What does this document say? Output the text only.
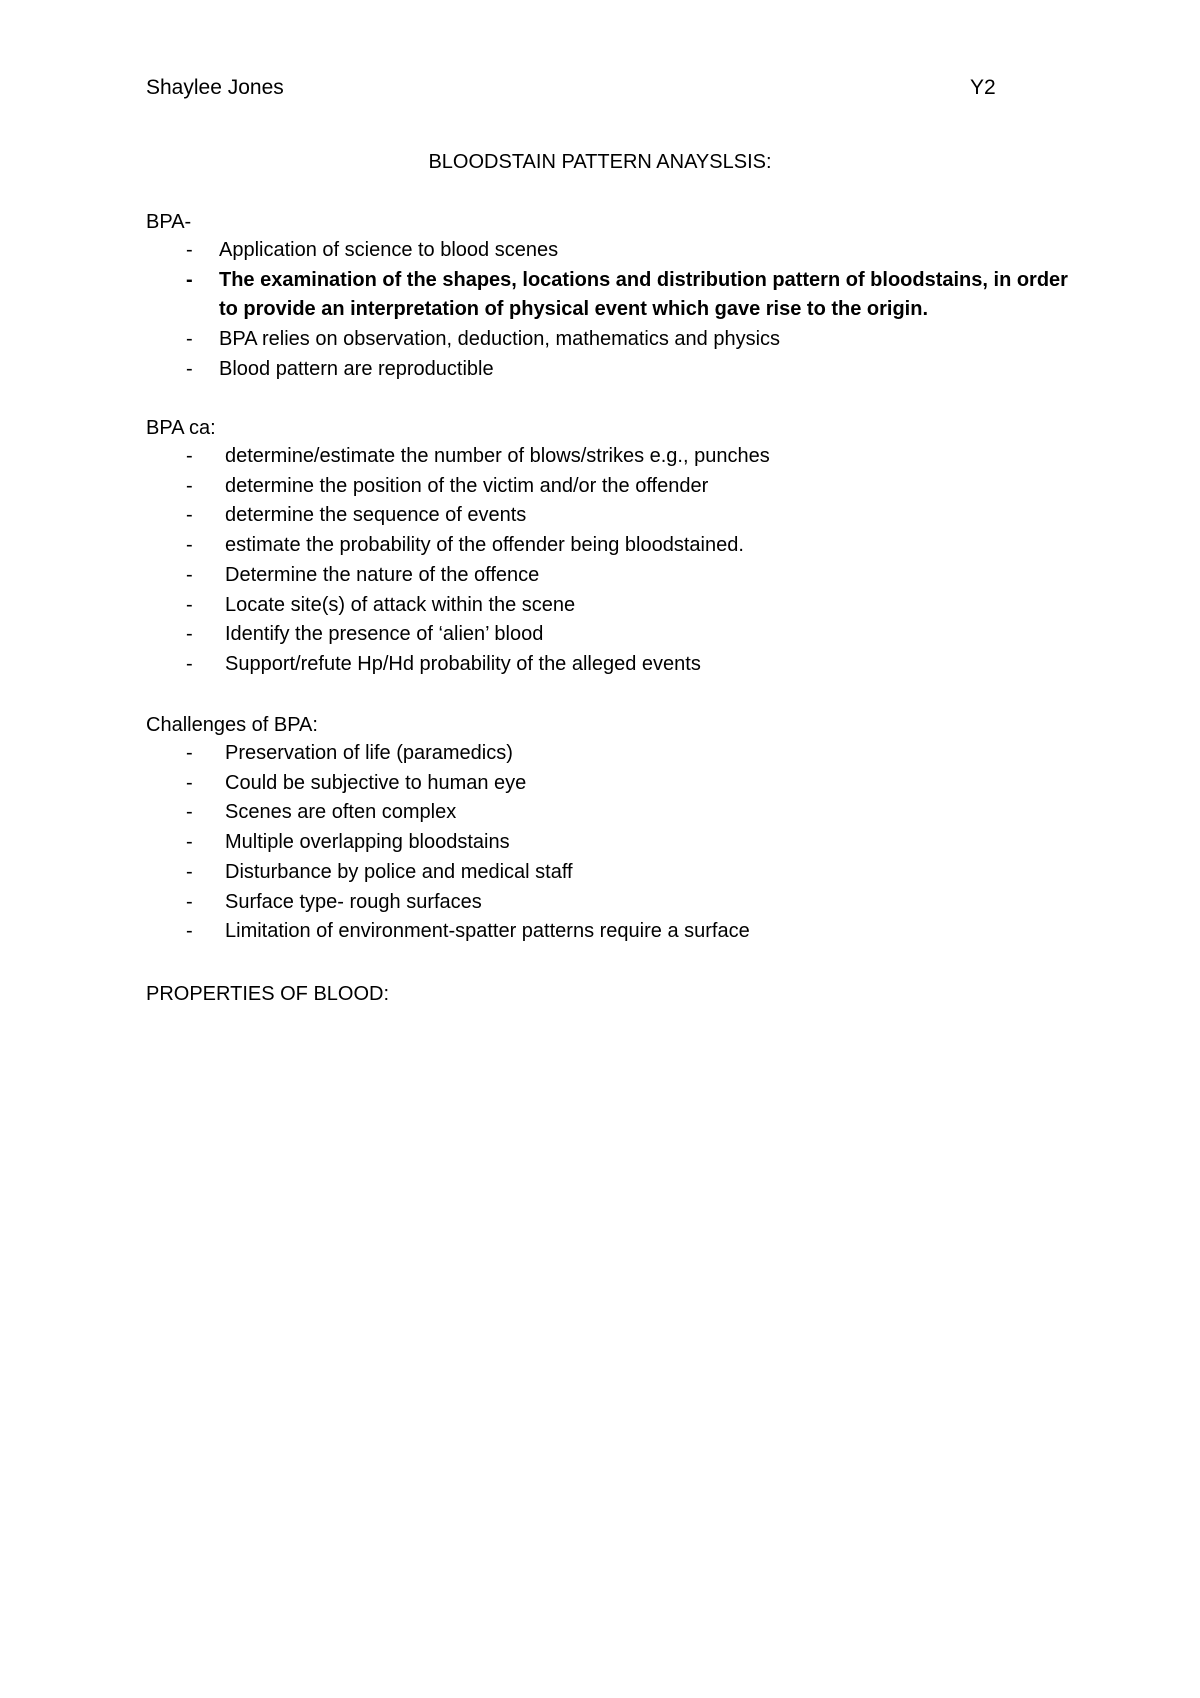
Shaylee Jones	Y2
BLOODSTAIN PATTERN ANAYSLSIS:

BPA-

- Application of science to blood scenes
- The examination of the shapes, locations and distribution pattern of bloodstains, in order to provide an interpretation of physical event which gave rise to the origin.
- BPA relies on observation, deduction, mathematics and physics
- Blood pattern are reproductible

BPA ca:

- determine/estimate the number of blows/strikes e.g., punches
- determine the position of the victim and/or the offender
- determine the sequence of events
- estimate the probability of the offender being bloodstained.
- Determine the nature of the offence
- Locate site(s) of attack within the scene
- Identify the presence of ‘alien’ blood
- Support/refute Hp/Hd probability of the alleged events

Challenges of BPA:

- Preservation of life (paramedics)
- Could be subjective to human eye
- Scenes are often complex
- Multiple overlapping bloodstains
- Disturbance by police and medical staff
- Surface type- rough surfaces
- Limitation of environment-spatter patterns require a surface

PROPERTIES OF BLOOD:
